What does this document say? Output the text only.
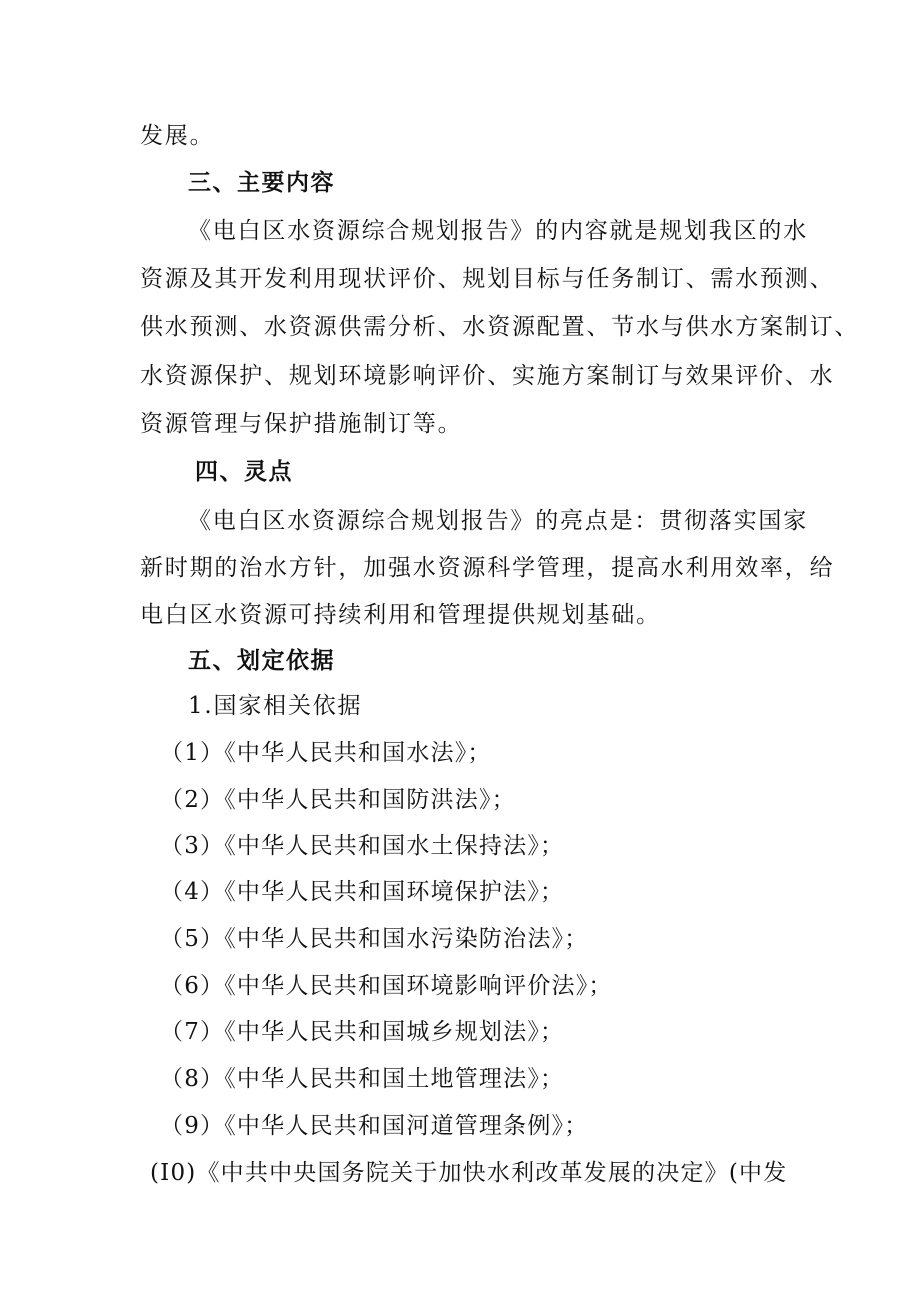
发展。
三、主要内容
《电白区水资源综合规划报告》的内容就是规划我区的水
资源及其开发利用现状评价、规划目标与任务制订、需水预测、
供水预测、水资源供需分析、水资源配置、节水与供水方案制订、
水资源保护、规划环境影响评价、实施方案制订与效果评价、水
资源管理与保护措施制订等。
四、灵点
《电白区水资源综合规划报告》的亮点是：贯彻落实国家
新时期的治水方针，加强水资源科学管理，提高水利用效率，给
电白区水资源可持续利用和管理提供规划基础。
五、划定依据
1.国家相关依据
（1）《中华人民共和国水法》；
（2）《中华人民共和国防洪法》；
（3）《中华人民共和国水土保持法》；
（4）《中华人民共和国环境保护法》；
（5）《中华人民共和国水污染防治法》；
（6）《中华人民共和国环境影响评价法》；
（7）《中华人民共和国城乡规划法》；
（8）《中华人民共和国土地管理法》；
（9）《中华人民共和国河道管理条例》；
(I0)《中共中央国务院关于加快水利改革发展的决定》(中发
